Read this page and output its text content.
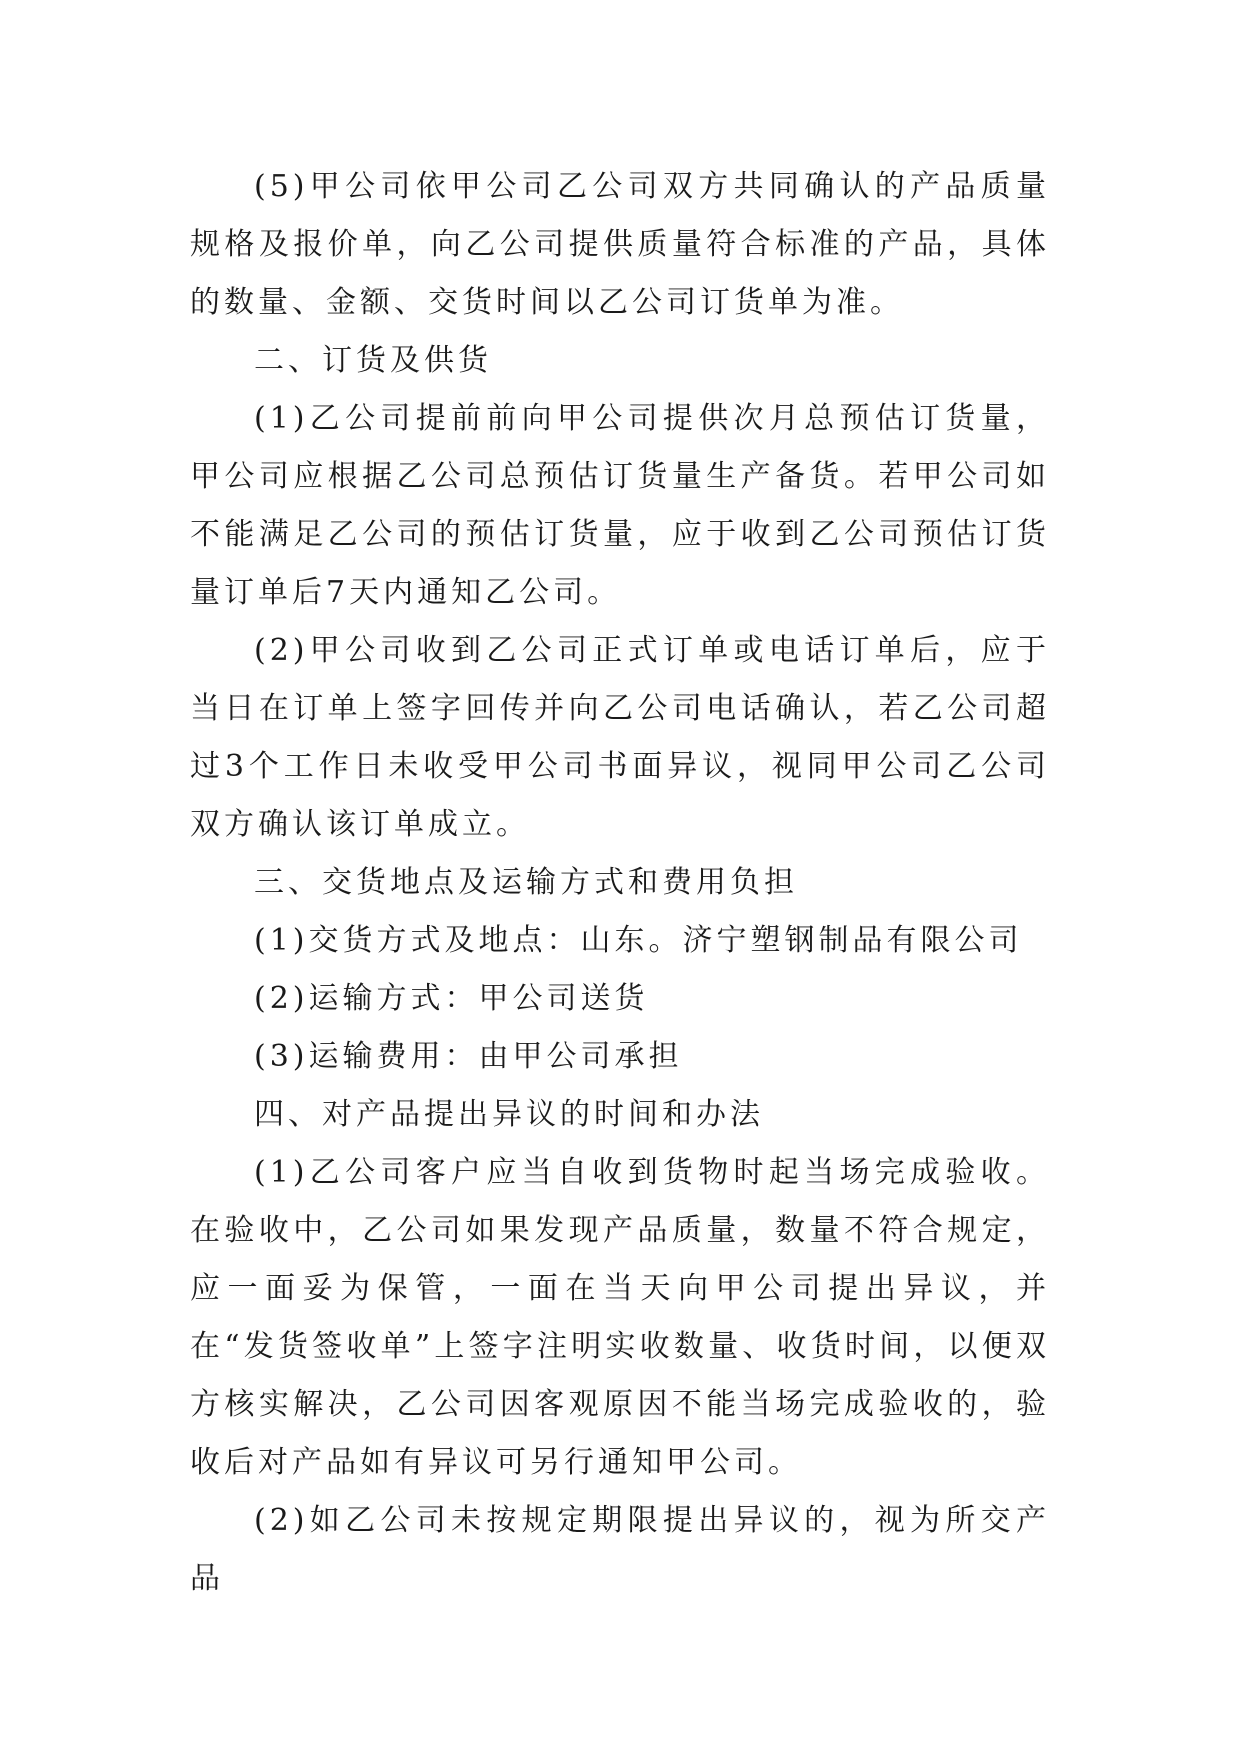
(5)甲公司依甲公司乙公司双方共同确认的产品质量规格及报价单，向乙公司提供质量符合标准的产品，具体的数量、金额、交货时间以乙公司订货单为准。

二、订货及供货

(1)乙公司提前前向甲公司提供次月总预估订货量，甲公司应根据乙公司总预估订货量生产备货。若甲公司如不能满足乙公司的预估订货量，应于收到乙公司预估订货量订单后7天内通知乙公司。

(2)甲公司收到乙公司正式订单或电话订单后，应于当日在订单上签字回传并向乙公司电话确认，若乙公司超过3个工作日未收受甲公司书面异议，视同甲公司乙公司双方确认该订单成立。

三、交货地点及运输方式和费用负担

(1)交货方式及地点：山东。济宁塑钢制品有限公司

(2)运输方式：甲公司送货

(3)运输费用：由甲公司承担

四、对产品提出异议的时间和办法

(1)乙公司客户应当自收到货物时起当场完成验收。在验收中，乙公司如果发现产品质量，数量不符合规定，应一面妥为保管，一面在当天向甲公司提出异议，并在“发货签收单”上签字注明实收数量、收货时间，以便双方核实解决，乙公司因客观原因不能当场完成验收的，验收后对产品如有异议可另行通知甲公司。

(2)如乙公司未按规定期限提出异议的，视为所交产品
